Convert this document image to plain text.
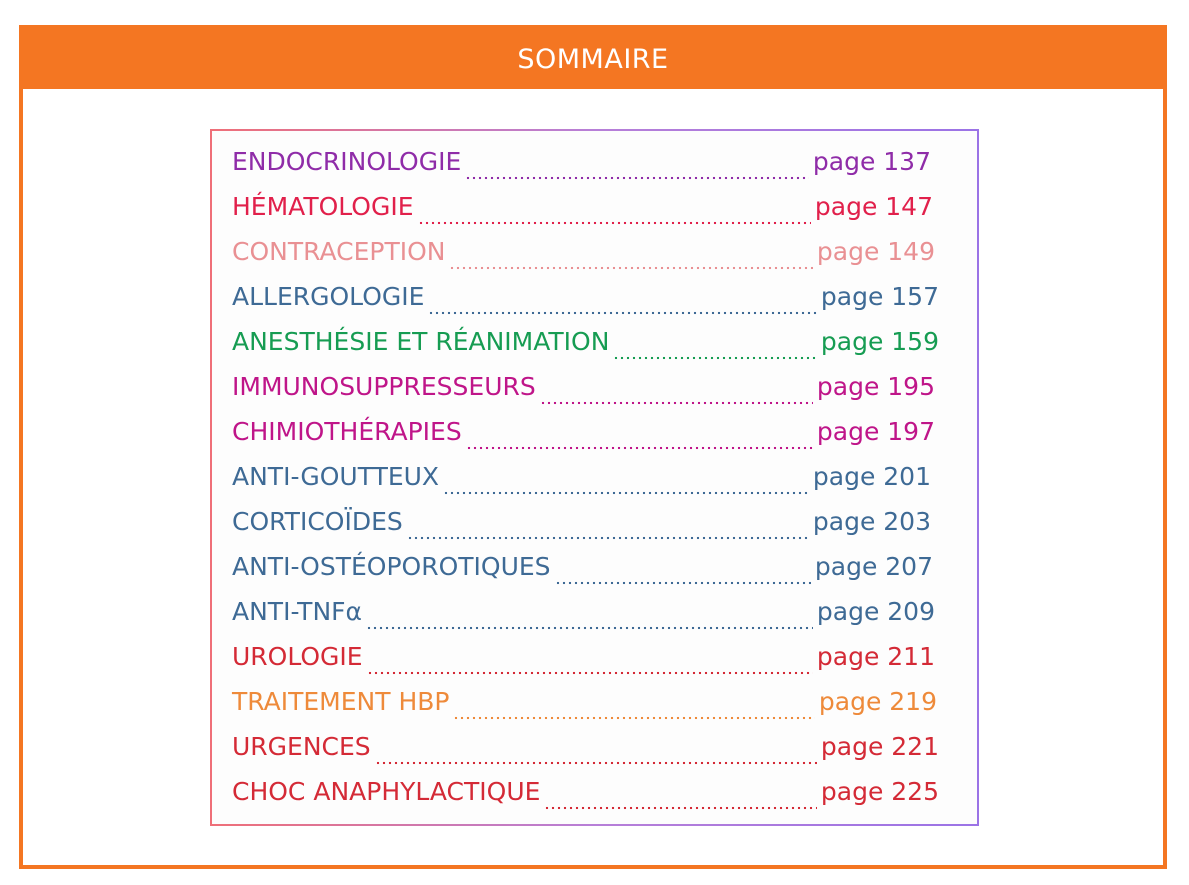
SOMMAIRE
ENDOCRINOLOGIE	page 137
HÉMATOLOGIE	page 147
CONTRACEPTION	page 149
ALLERGOLOGIE	page 157
ANESTHÉSIE ET RÉANIMATION	page 159
IMMUNOSUPPRESSEURS	page 195
CHIMIOTHÉRAPIES	page 197
ANTI-GOUTTEUX	page 201
CORTICOÏDES	page 203
ANTI-OSTÉOPOROTIQUES	page 207
ANTI-TNFα	page 209
UROLOGIE	page 211
TRAITEMENT HBP	page 219
URGENCES	page 221
CHOC ANAPHYLACTIQUE	page 225
